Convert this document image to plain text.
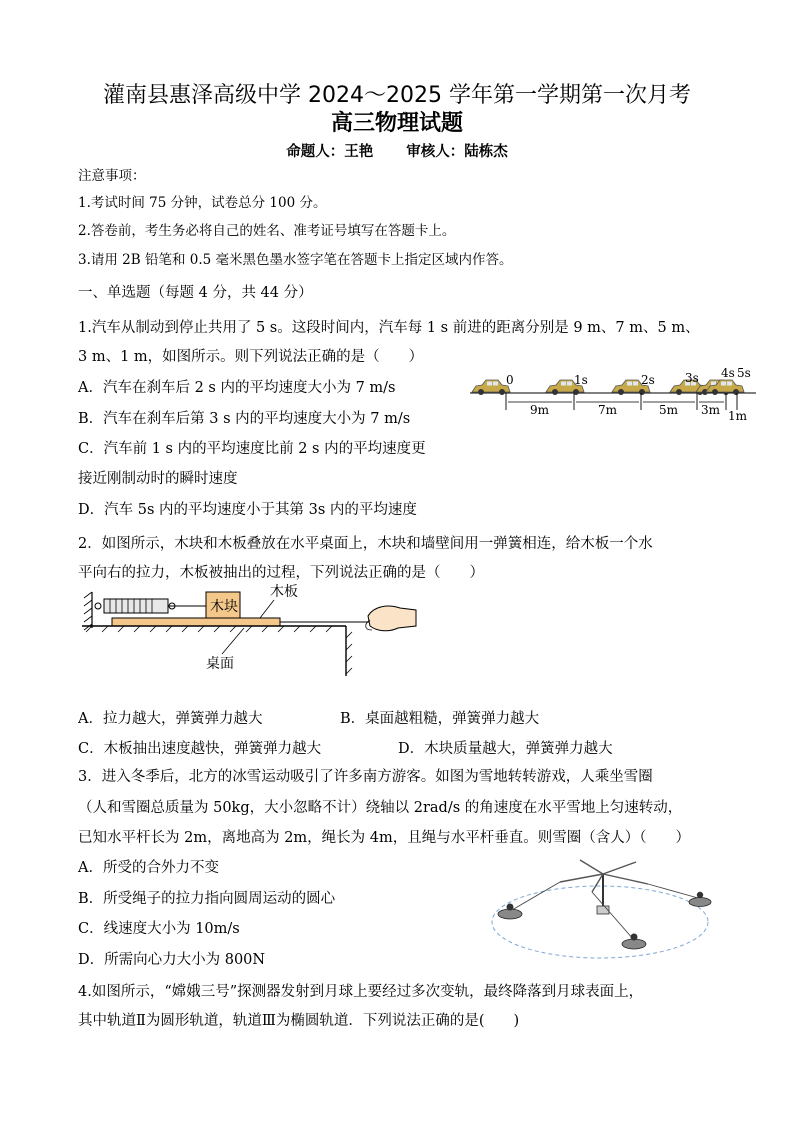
灌南县惠泽高级中学 2024～2025 学年第一学期第一次月考
高三物理试题
命题人：王艳 审核人：陆栋杰
注意事项：
1.考试时间 75 分钟，试卷总分 100 分。
2.答卷前，考生务必将自己的姓名、准考证号填写在答题卡上。
3.请用 2B 铅笔和 0.5 毫米黑色墨水签字笔在答题卡上指定区域内作答。
一、单选题（每题 4 分，共 44 分）
1.汽车从制动到停止共用了 5 s。这段时间内，汽车每 1 s 前进的距离分别是 9 m、7 m、5 m、
3 m、1 m，如图所示。则下列说法正确的是（　　）
A．汽车在刹车后 2 s 内的平均速度大小为 7 m/s
B．汽车在刹车后第 3 s 内的平均速度大小为 7 m/s
C．汽车前 1 s 内的平均速度比前 2 s 内的平均速度更
接近刚制动时的瞬时速度
D．汽车 5s 内的平均速度小于其第 3s 内的平均速度
0	1s	2s	3s 4s 5s
9m	7m	5m 3m 1m
2．如图所示，木块和木板叠放在水平桌面上，木块和墙壁间用一弹簧相连，给木板一个水
平向右的拉力，木板被抽出的过程，下列说法正确的是（　　）
木块
木板
桌面
A．拉力越大，弹簧弹力越大	B．桌面越粗糙，弹簧弹力越大
C．木板抽出速度越快，弹簧弹力越大	D．木块质量越大，弹簧弹力越大
3．进入冬季后，北方的冰雪运动吸引了许多南方游客。如图为雪地转转游戏，人乘坐雪圈
（人和雪圈总质量为 50kg，大小忽略不计）绕轴以 2rad/s 的角速度在水平雪地上匀速转动，
已知水平杆长为 2m，离地高为 2m，绳长为 4m，且绳与水平杆垂直。则雪圈（含人）（　　）
A．所受的合外力不变
B．所受绳子的拉力指向圆周运动的圆心
C．线速度大小为 10m/s
D．所需向心力大小为 800N
4.如图所示，“嫦娥三号”探测器发射到月球上要经过多次变轨，最终降落到月球表面上，
其中轨道Ⅱ为圆形轨道，轨道Ⅲ为椭圆轨道．下列说法正确的是(　　)
